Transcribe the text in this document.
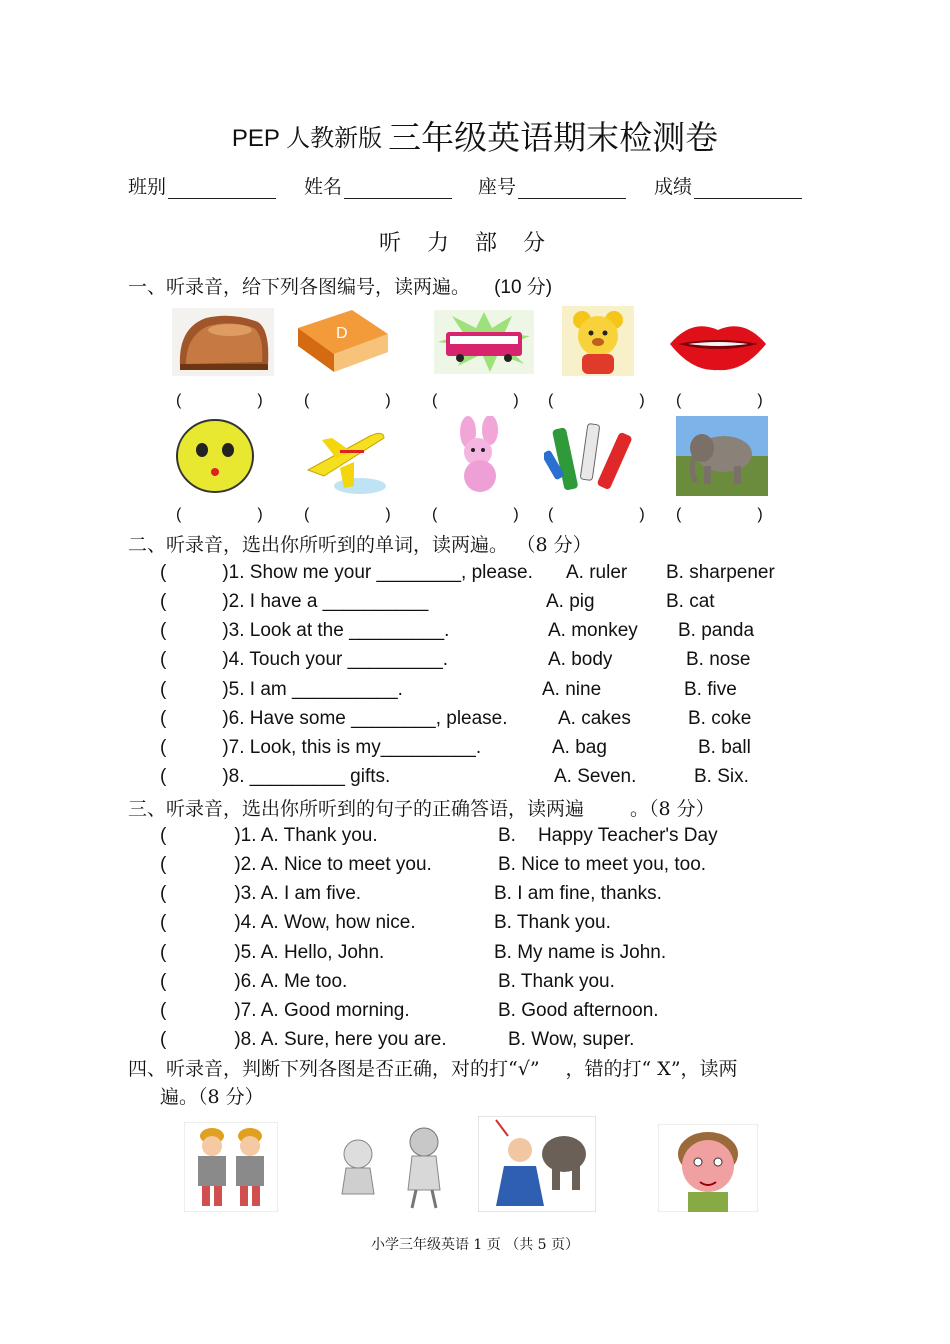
PEP 人教新版 三年级英语期末检测卷
班别	姓名	座号	成绩
听力部分
一、听录音，给下列各图编号，读两遍。 (10 分)
D
(	)	(	)	(	) (	) (	)
(	)	(	)	(	) (	) (	)
二、听录音，选出你所听到的单词，读两遍。 （8 分）
(	)1. Show me your ________, please. A. ruler B. sharpener
(	)2. I have a __________	A. pig	B. cat
(	)3. Look at the _________.	A. monkey B. panda
(	)4. Touch your _________.	A. body	B. nose
(	)5. I am __________.	A. nine	B. five
(	)6. Have some ________, please.	A. cakes	B. coke
(	)7. Look, this is my_________.	A. bag	B. ball
(	)8. _________ gifts.	A. Seven.	B. Six.
三、听录音，选出你所听到的句子的正确答语，读两遍 。（8 分）
(	)1. A. Thank you.	B. Happy Teacher's Day
(	)2. A. Nice to meet you.	B. Nice to meet you, too.
(	)3. A. I am five.	B. I am fine, thanks.
(	)4. A. Wow, how nice.	B. Thank you.
(	)5. A. Hello, John.	B. My name is John.
(	)6. A. Me too.	B. Thank you.
(	)7. A. Good morning.	B. Good afternoon.
(	)8. A. Sure, here you are.	B. Wow, super.
四、听录音，判断下列各图是否正确，对的打“√” ，错的打“ X”，读两
遍。（8 分）
小学三年级英语 1 页 （共 5 页）
